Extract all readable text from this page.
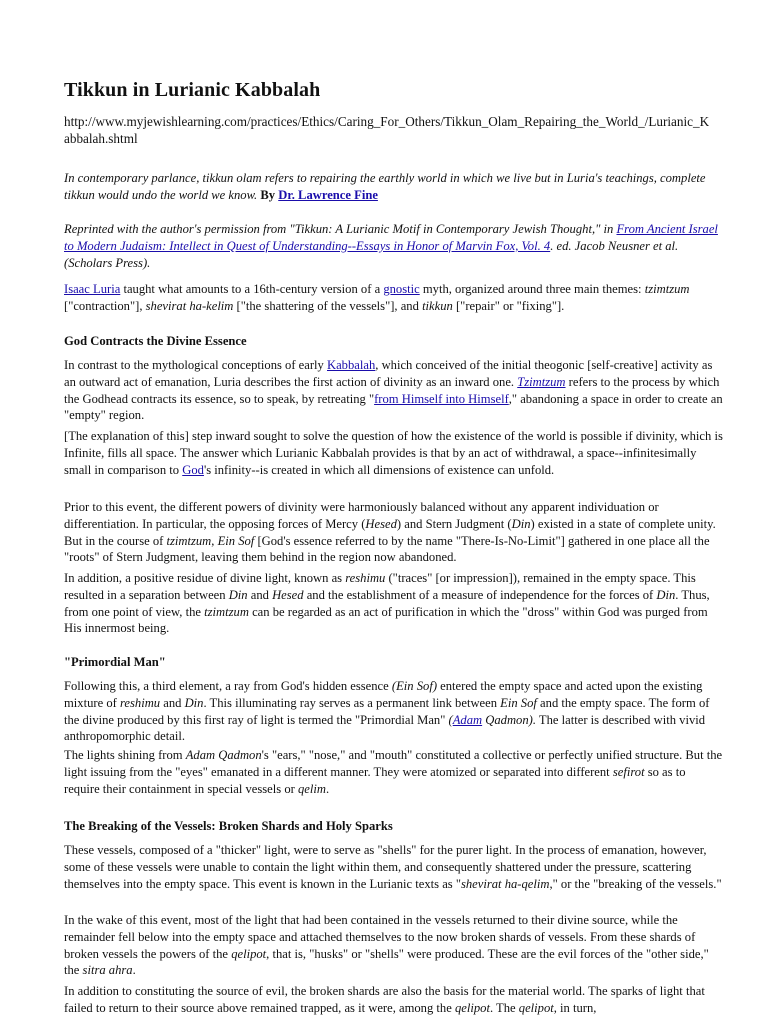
Tikkun in Lurianic Kabbalah
http://www.myjewishlearning.com/practices/Ethics/Caring_For_Others/Tikkun_Olam_Repairing_the_World_/Lurianic_Kabbalah.shtml

In contemporary parlance, tikkun olam refers to repairing the earthly world in which we live but in Luria's teachings, complete tikkun would undo the world we know. By Dr. Lawrence Fine

Reprinted with the author's permission from "Tikkun: A Lurianic Motif in Contemporary Jewish Thought," in From Ancient Israel to Modern Judaism: Intellect in Quest of Understanding--Essays in Honor of Marvin Fox, Vol. 4. ed. Jacob Neusner et al. (Scholars Press).

Isaac Luria taught what amounts to a 16th-century version of a gnostic myth, organized around three main themes: tzimtzum ["contraction"], shevirat ha-kelim ["the shattering of the vessels"], and tikkun ["repair" or "fixing"].

God Contracts the Divine Essence

In contrast to the mythological conceptions of early Kabbalah, which conceived of the initial theogonic [self-creative] activity as an outward act of emanation, Luria describes the first action of divinity as an inward one. Tzimtzum refers to the process by which the Godhead contracts its essence, so to speak, by retreating "from Himself into Himself," abandoning a space in order to create an "empty" region.

[The explanation of this] step inward sought to solve the question of how the existence of the world is possible if divinity, which is Infinite, fills all space. The answer which Lurianic Kabbalah provides is that by an act of withdrawal, a space--infinitesimally small in comparison to God's infinity--is created in which all dimensions of existence can unfold.

Prior to this event, the different powers of divinity were harmoniously balanced without any apparent individuation or differentiation. In particular, the opposing forces of Mercy (Hesed) and Stern Judgment (Din) existed in a state of complete unity. But in the course of tzimtzum, Ein Sof [God's essence referred to by the name "There-Is-No-Limit"] gathered in one place all the "roots" of Stern Judgment, leaving them behind in the region now abandoned.

In addition, a positive residue of divine light, known as reshimu ("traces" [or impression]), remained in the empty space. This resulted in a separation between Din and Hesed and the establishment of a measure of independence for the forces of Din. Thus, from one point of view, the tzimtzum can be regarded as an act of purification in which the "dross" within God was purged from His innermost being.

"Primordial Man"

Following this, a third element, a ray from God's hidden essence (Ein Sof) entered the empty space and acted upon the existing mixture of reshimu and Din. This illuminating ray serves as a permanent link between Ein Sof and the empty space. The form of the divine produced by this first ray of light is termed the "Primordial Man" (Adam Qadmon). The latter is described with vivid anthropomorphic detail.

The lights shining from Adam Qadmon's "ears," "nose," and "mouth" constituted a collective or perfectly unified structure. But the light issuing from the "eyes" emanated in a different manner. They were atomized or separated into different sefirot so as to require their containment in special vessels or qelim.

The Breaking of the Vessels: Broken Shards and Holy Sparks

These vessels, composed of a "thicker" light, were to serve as "shells" for the purer light. In the process of emanation, however, some of these vessels were unable to contain the light within them, and consequently shattered under the pressure, scattering themselves into the empty space. This event is known in the Lurianic texts as "shevirat ha-qelim," or the "breaking of the vessels."

In the wake of this event, most of the light that had been contained in the vessels returned to their divine source, while the remainder fell below into the empty space and attached themselves to the now broken shards of vessels. From these shards of broken vessels the powers of the qelipot, that is, "husks" or "shells" were produced. These are the evil forces of the "other side," the sitra ahra.

In addition to constituting the source of evil, the broken shards are also the basis for the material world. The sparks of light that failed to return to their source above remained trapped, as it were, among the qelipot. The qelipot, in turn,
